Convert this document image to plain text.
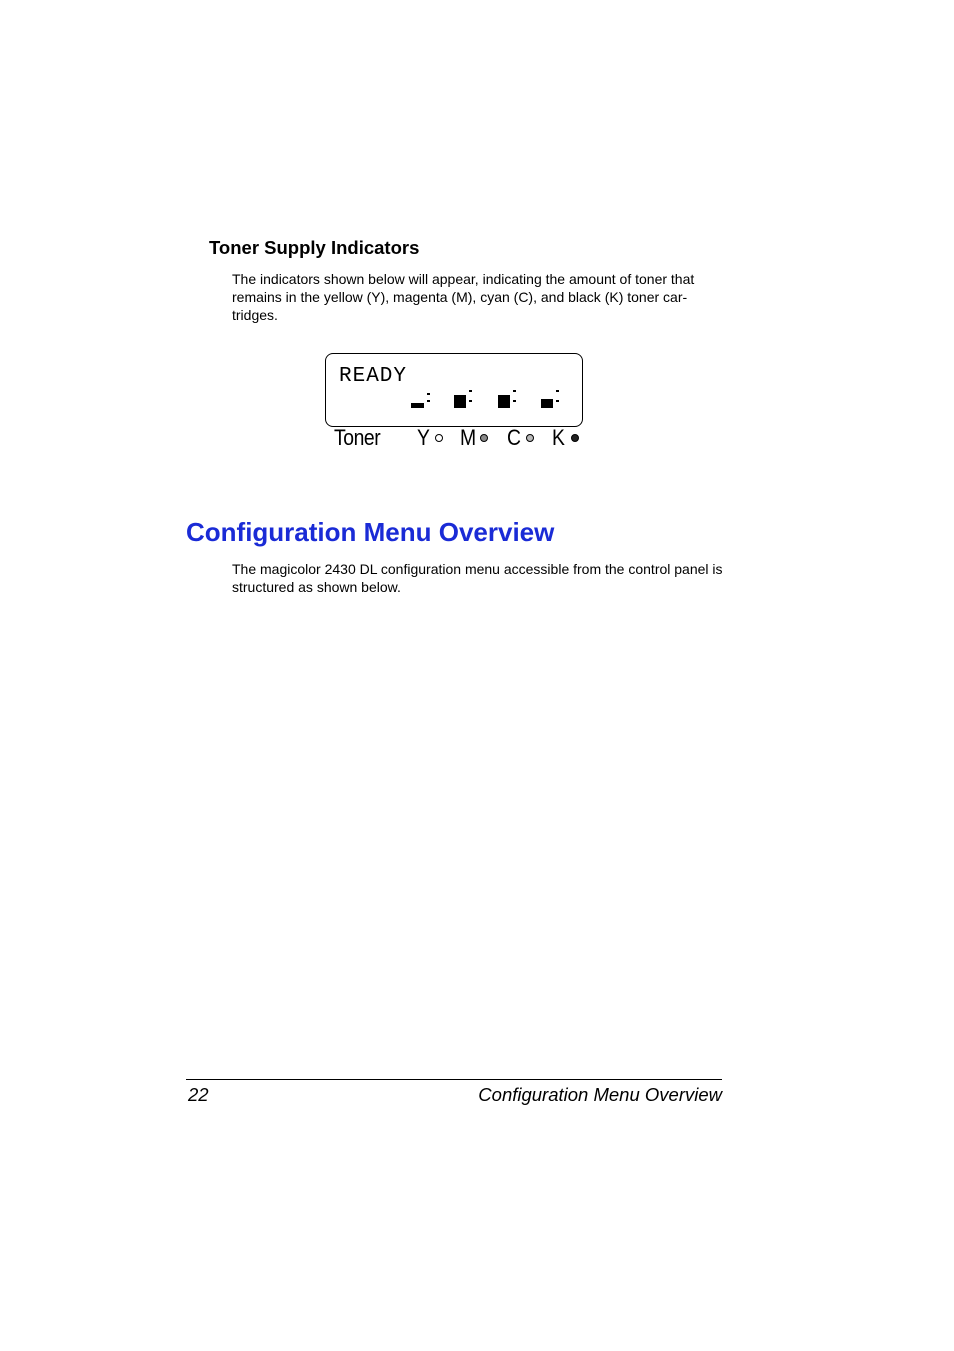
Toner Supply Indicators

The indicators shown below will appear, indicating the amount of toner that remains in the yellow (Y), magenta (M), cyan (C), and black (K) toner car-tridges.

READY
Toner Y M C K
Configuration Menu Overview

The magicolor 2430 DL configuration menu accessible from the control panel is structured as shown below.

22	Configuration Menu Overview
